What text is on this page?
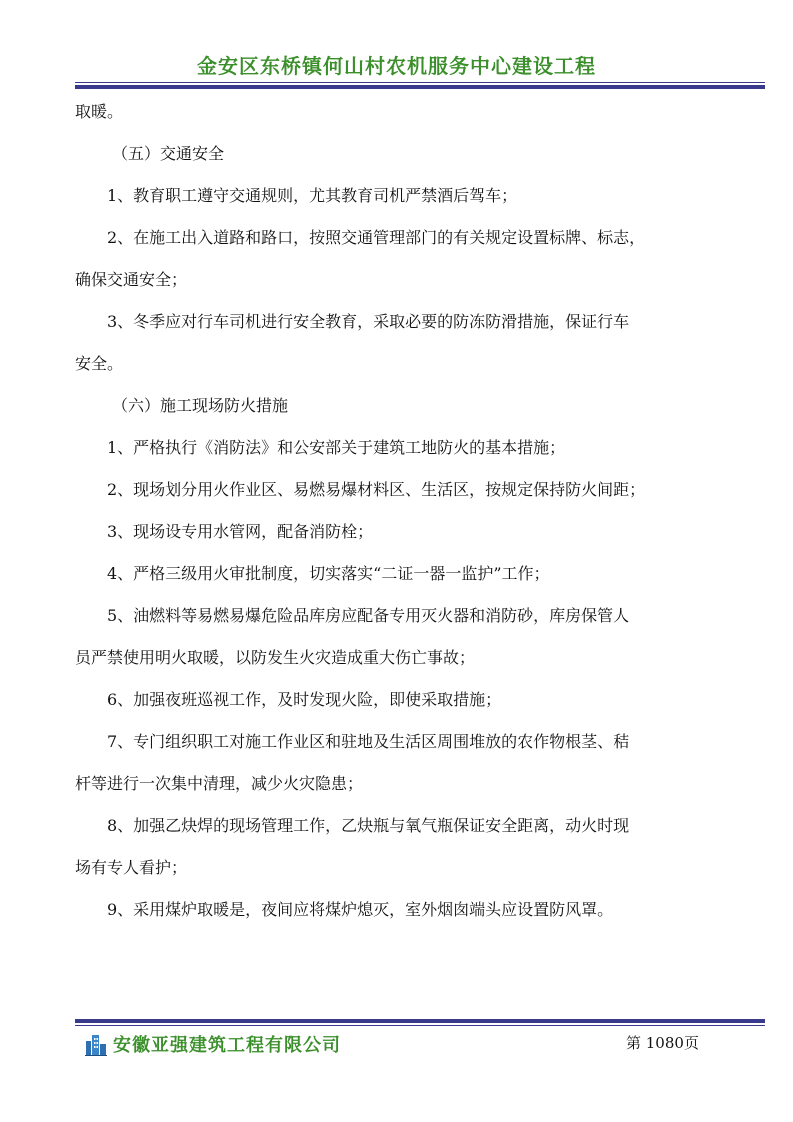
金安区东桥镇何山村农机服务中心建设工程

取暖。

（五）交通安全

1、教育职工遵守交通规则，尤其教育司机严禁酒后驾车；

2、在施工出入道路和路口，按照交通管理部门的有关规定设置标牌、标志，

确保交通安全；

3、冬季应对行车司机进行安全教育，采取必要的防冻防滑措施，保证行车

安全。

（六）施工现场防火措施

1、严格执行《消防法》和公安部关于建筑工地防火的基本措施；

2、现场划分用火作业区、易燃易爆材料区、生活区，按规定保持防火间距；

3、现场设专用水管网，配备消防栓；

4、严格三级用火审批制度，切实落实“二证一器一监护”工作；

5、油燃料等易燃易爆危险品库房应配备专用灭火器和消防砂，库房保管人

员严禁使用明火取暖，以防发生火灾造成重大伤亡事故；

6、加强夜班巡视工作，及时发现火险，即使采取措施；

7、专门组织职工对施工作业区和驻地及生活区周围堆放的农作物根茎、秸

杆等进行一次集中清理，减少火灾隐患；

8、加强乙炔焊的现场管理工作，乙炔瓶与氧气瓶保证安全距离，动火时现

场有专人看护；

9、采用煤炉取暖是，夜间应将煤炉熄灭，室外烟囱端头应设置防风罩。

安徽亚强建筑工程有限公司	第 1080页
